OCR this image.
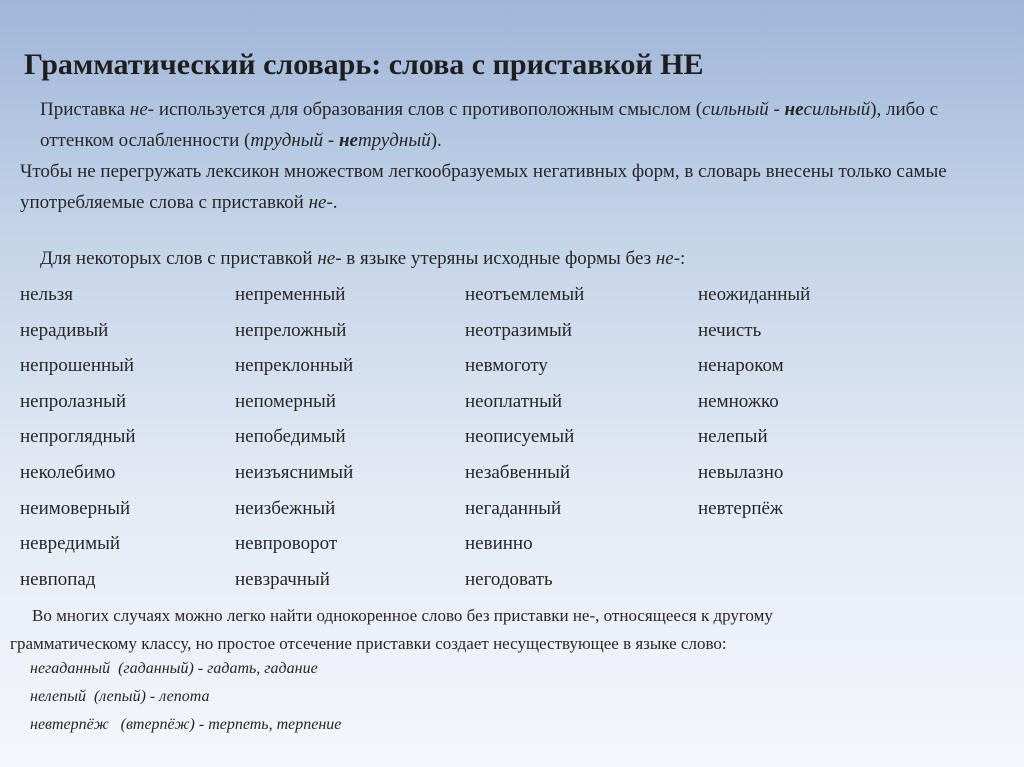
Грамматический словарь: слова с приставкой НЕ

Приставка не- используется для образования слов с противоположным смыслом (сильный - несильный), либо с оттенком ослабленности (трудный - нетрудный).

Чтобы не перегружать лексикон множеством легкообразуемых негативных форм, в словарь внесены только самые употребляемые слова с приставкой не-.

Для некоторых слов с приставкой не- в языке утеряны исходные формы без не-:

нельзя	непременный	неотъемлемый	неожиданный
нерадивый	непреложный	неотразимый	нечисть
непрошенный	непреклонный	невмоготу	ненароком
непролазный	непомерный	неоплатный	немножко
непроглядный	непобедимый	неописуемый	нелепый
неколебимо	неизъяснимый	незабвенный	невылазно
неимоверный	неизбежный	негаданный	невтерпёж
невредимый	невпроворот	невинно
невпопад	невзрачный	негодовать
Во многих случаях можно легко найти однокоренное слово без приставки не-, относящееся к другому
грамматическому классу, но простое отсечение приставки создает несуществующее в языке слово:
негаданный  (гаданный) - гадать, гадание
нелепый  (лепый) - лепота
невтерпёж   (втерпёж) - терпеть, терпение
